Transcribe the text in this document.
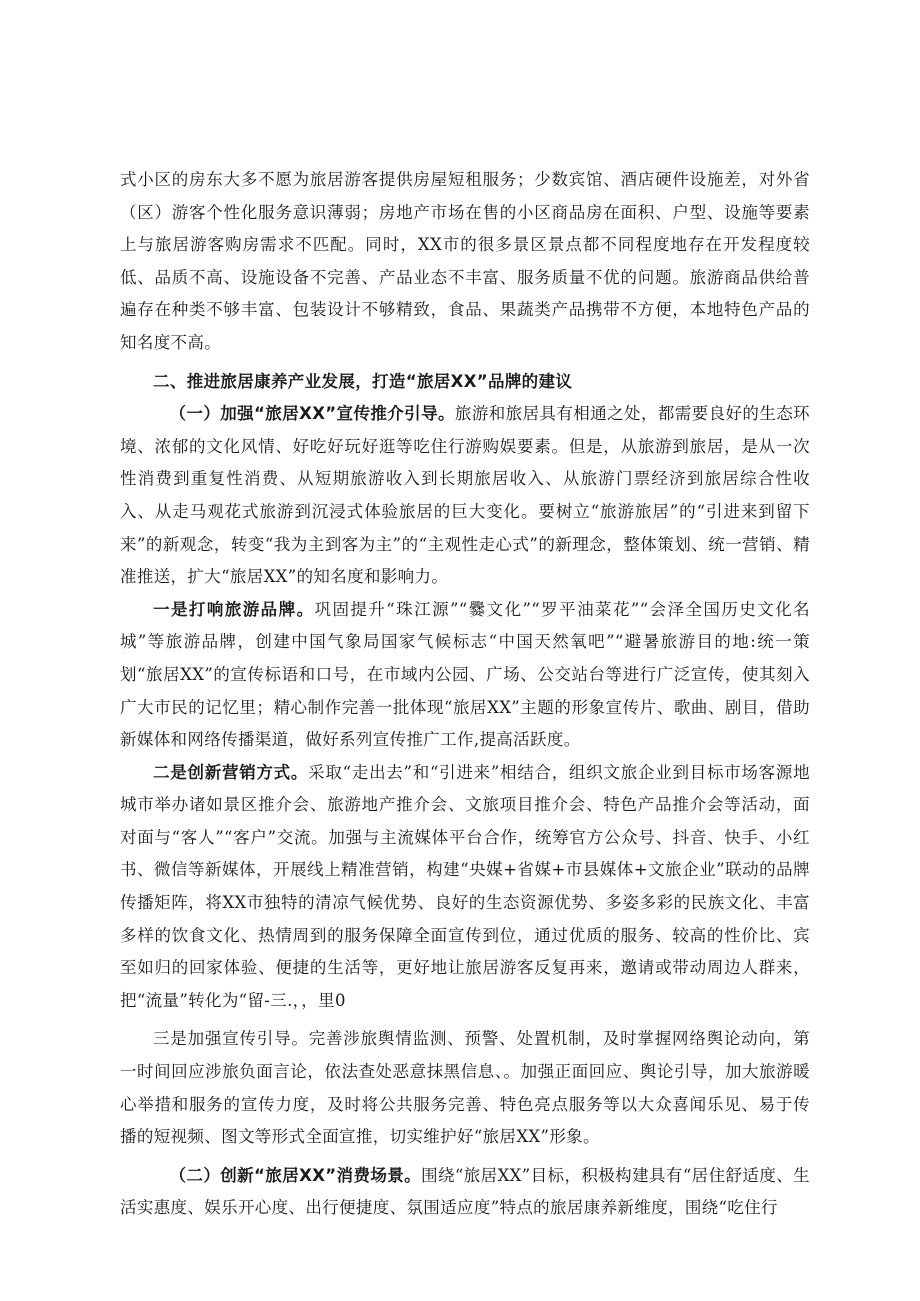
式小区的房东大多不愿为旅居游客提供房屋短租服务；少数宾馆、酒店硬件设施差，对外省（区）游客个性化服务意识薄弱；房地产市场在售的小区商品房在面积、户型、设施等要素上与旅居游客购房需求不匹配。同时，XX市的很多景区景点都不同程度地存在开发程度较低、品质不高、设施设备不完善、产品业态不丰富、服务质量不优的问题。旅游商品供给普遍存在种类不够丰富、包装设计不够精致，食品、果蔬类产品携带不方便，本地特色产品的知名度不高。

二、推进旅居康养产业发展，打造“旅居XX”品牌的建议

（一）加强“旅居XX”宣传推介引导。旅游和旅居具有相通之处，都需要良好的生态环境、浓郁的文化风情、好吃好玩好逛等吃住行游购娱要素。但是，从旅游到旅居，是从一次性消费到重复性消费、从短期旅游收入到长期旅居收入、从旅游门票经济到旅居综合性收入、从走马观花式旅游到沉浸式体验旅居的巨大变化。要树立“旅游旅居”的“引进来到留下来”的新观念，转变“我为主到客为主”的“主观性走心式”的新理念，整体策划、统一营销、精准推送，扩大“旅居XX”的知名度和影响力。

一是打响旅游品牌。巩固提升“珠江源”“爨文化”“罗平油菜花”“会泽全国历史文化名城”等旅游品牌，创建中国气象局国家气候标志“中国天然氧吧”“避暑旅游目的地:统一策划“旅居XX”的宣传标语和口号，在市域内公园、广场、公交站台等进行广泛宣传，使其刻入广大市民的记忆里；精心制作完善一批体现“旅居XX”主题的形象宣传片、歌曲、剧目，借助新媒体和网络传播渠道，做好系列宣传推广工作,提高活跃度。

二是创新营销方式。采取“走出去”和“引进来”相结合，组织文旅企业到目标市场客源地城市举办诸如景区推介会、旅游地产推介会、文旅项目推介会、特色产品推介会等活动，面对面与“客人”“客户”交流。加强与主流媒体平台合作，统筹官方公众号、抖音、快手、小红书、微信等新媒体，开展线上精准营销，构建“央媒+省媒+市县媒体+文旅企业”联动的品牌传播矩阵，将XX市独特的清凉气候优势、良好的生态资源优势、多姿多彩的民族文化、丰富多样的饮食文化、热情周到的服务保障全面宣传到位，通过优质的服务、较高的性价比、宾至如归的回家体验、便捷的生活等，更好地让旅居游客反复再来，邀请或带动周边人群来，把“流量”转化为“留-三.，，里0

三是加强宣传引导。完善涉旅舆情监测、预警、处置机制，及时掌握网络舆论动向，第一时间回应涉旅负面言论，依法查处恶意抹黑信息、。加强正面回应、舆论引导，加大旅游暖心举措和服务的宣传力度，及时将公共服务完善、特色亮点服务等以大众喜闻乐见、易于传播的短视频、图文等形式全面宣推，切实维护好“旅居XX”形象。

（二）创新“旅居XX”消费场景。围绕“旅居XX”目标，积极构建具有“居住舒适度、生活实惠度、娱乐开心度、出行便捷度、氛围适应度”特点的旅居康养新维度，围绕“吃住行
